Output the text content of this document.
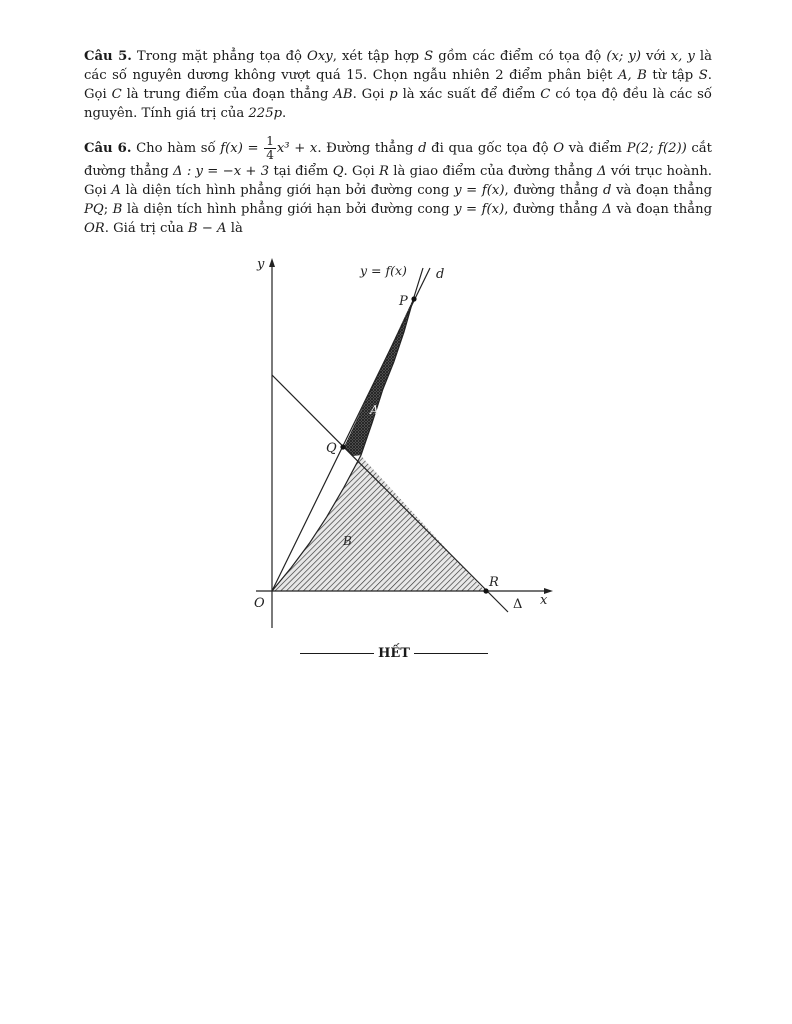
Câu 5. Trong mặt phẳng tọa độ Oxy, xét tập hợp S gồm các điểm có tọa độ (x; y) với x, y là các số nguyên dương không vượt quá 15. Chọn ngẫu nhiên 2 điểm phân biệt A, B từ tập S. Gọi C là trung điểm của đoạn thẳng AB. Gọi p là xác suất để điểm C có tọa độ đều là các số nguyên. Tính giá trị của 225p.
Câu 6. Cho hàm số $f(x) = \frac{1}{4} x^3 + x$. Đường thẳng d đi qua gốc tọa độ O và điểm P(2; f(2)) cắt đường thẳng Δ : y = −x + 3 tại điểm Q. Gọi R là giao điểm của đường thẳng Δ với trục hoành. Gọi A là diện tích hình phẳng giới hạn bởi đường cong y = f(x), đường thẳng d và đoạn thẳng PQ; B là diện tích hình phẳng giới hạn bởi đường cong y = f(x), đường thẳng Δ và đoạn thẳng OR. Giá trị của B − A là
y
x
O
y = f(x) d
P
Q
R
Δ
A
B
HẾT
